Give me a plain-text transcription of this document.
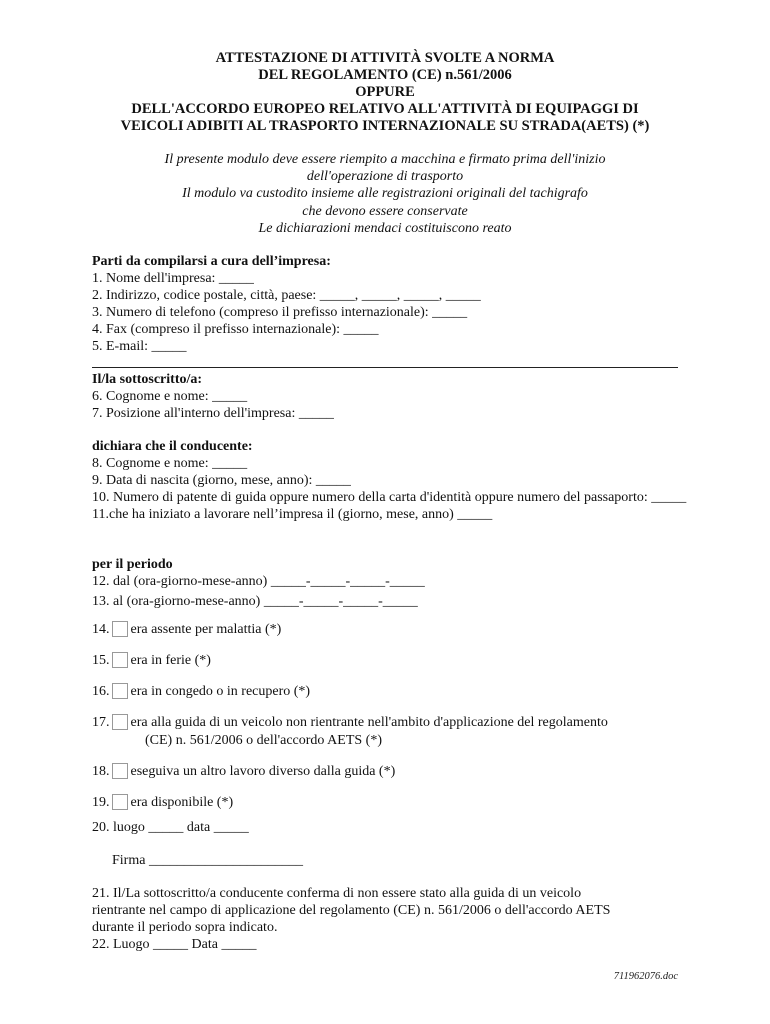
ATTESTAZIONE DI ATTIVITÀ SVOLTE A NORMA
DEL REGOLAMENTO (CE) n.561/2006
OPPURE
DELL'ACCORDO EUROPEO RELATIVO ALL'ATTIVITÀ DI EQUIPAGGI DI
VEICOLI ADIBITI AL TRASPORTO INTERNAZIONALE SU STRADA(AETS) (*)
Il presente modulo deve essere riempito a macchina e firmato prima dell'inizio
dell'operazione di trasporto
Il modulo va custodito insieme alle registrazioni originali del tachigrafo
che devono essere conservate
Le dichiarazioni mendaci costituiscono reato
Parti da compilarsi a cura dell’impresa:
1. Nome dell'impresa: _____
2. Indirizzo, codice postale, città, paese: _____, _____, _____, _____
3. Numero di telefono (compreso il prefisso internazionale): _____
4. Fax (compreso il prefisso internazionale): _____
5. E-mail: _____
Il/la sottoscritto/a:
6. Cognome e nome: _____
7. Posizione all'interno dell'impresa: _____
dichiara che il conducente:
8. Cognome e nome: _____
9. Data di nascita (giorno, mese, anno): _____
10. Numero di patente di guida oppure numero della carta d'identità oppure numero del passaporto: _____
11.che ha iniziato a lavorare nell’impresa il (giorno, mese, anno) _____
per il periodo
12. dal (ora-giorno-mese-anno) _____-_____-_____-_____
13. al (ora-giorno-mese-anno) _____-_____-_____-_____
14. era assente per malattia (*)
15. era in ferie (*)
16. era in congedo o in recupero (*)
17. era alla guida di un veicolo non rientrante nell'ambito d'applicazione del regolamento
(CE) n. 561/2006 o dell'accordo AETS (*)
18. eseguiva un altro lavoro diverso dalla guida (*)
19. era disponibile (*)
20. luogo _____ data _____
Firma ______________________
21. Il/La sottoscritto/a conducente conferma di non essere stato alla guida di un veicolo
rientrante nel campo di applicazione del regolamento (CE) n. 561/2006 o dell'accordo AETS
durante il periodo sopra indicato.
22. Luogo _____ Data _____
711962076.doc
